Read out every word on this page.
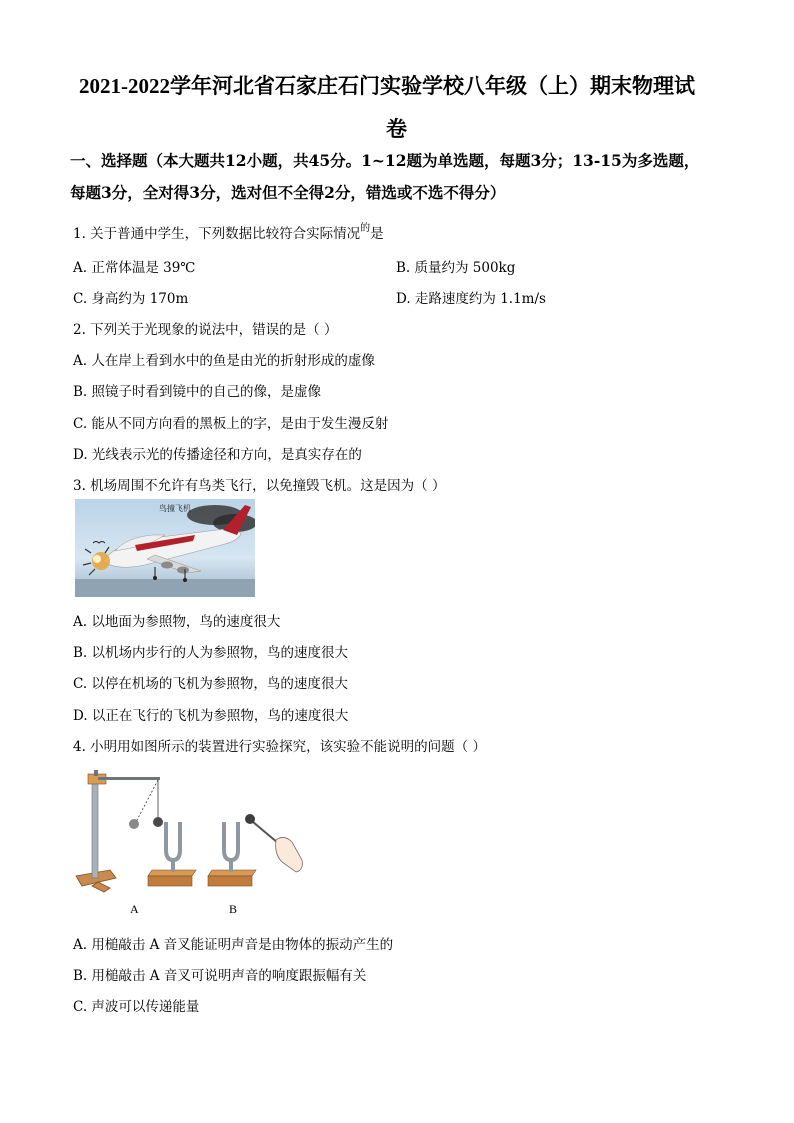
2021-2022学年河北省石家庄石门实验学校八年级（上）期末物理试
卷
一、选择题（本大题共12小题，共45分。1~12题为单选题，每题3分；13-15为多选题，
每题3分，全对得3分，选对但不全得2分，错选或不选不得分）
1. 关于普通中学生，下列数据比较符合实际情况$^的$是
A. 正常体温是 39℃	B. 质量约为 500kg
C. 身高约为 170m	D. 走路速度约为 1.1m/s
2. 下列关于光现象的说法中，错误的是（ ）
A. 人在岸上看到水中的鱼是由光的折射形成的虚像
B. 照镜子时看到镜中的自己的像，是虚像
C. 能从不同方向看的黑板上的字，是由于发生漫反射
D. 光线表示光的传播途径和方向，是真实存在的
3. 机场周围不允许有鸟类飞行，以免撞毁飞机。这是因为（ ）
鸟撞飞机
A. 以地面为参照物，鸟的速度很大
B. 以机场内步行的人为参照物，鸟的速度很大
C. 以停在机场的飞机为参照物，鸟的速度很大
D. 以正在飞行的飞机为参照物，鸟的速度很大
4. 小明用如图所示的装置进行实验探究，该实验不能说明的问题（ ）
A	B
A. 用槌敲击 A 音叉能证明声音是由物体的振动产生的
B. 用槌敲击 A 音叉可说明声音的响度跟振幅有关
C. 声波可以传递能量
